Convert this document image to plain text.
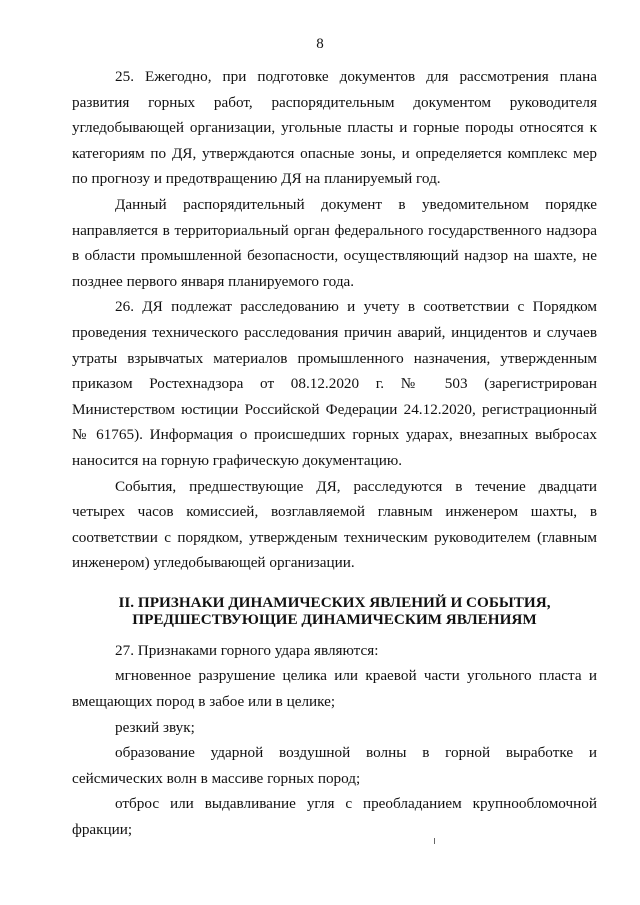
8

25. Ежегодно, при подготовке документов для рассмотрения плана развития горных работ, распорядительным документом руководителя угледобывающей организации, угольные пласты и горные породы относятся к категориям по ДЯ, утверждаются опасные зоны, и определяется комплекс мер по прогнозу и предотвращению ДЯ на планируемый год.

Данный распорядительный документ в уведомительном порядке направляется в территориальный орган федерального государственного надзора в области промышленной безопасности, осуществляющий надзор на шахте, не позднее первого января планируемого года.

26. ДЯ подлежат расследованию и учету в соответствии с Порядком проведения технического расследования причин аварий, инцидентов и случаев утраты взрывчатых материалов промышленного назначения, утвержденным приказом Ростехнадзора от 08.12.2020 г. № 503 (зарегистрирован Министерством юстиции Российской Федерации 24.12.2020, регистрационный № 61765). Информация о происшедших горных ударах, внезапных выбросах наносится на горную графическую документацию.

События, предшествующие ДЯ, расследуются в течение двадцати четырех часов комиссией, возглавляемой главным инженером шахты, в соответствии с порядком, утвержденым техническим руководителем (главным инженером) угледобывающей организации.

II. ПРИЗНАКИ ДИНАМИЧЕСКИХ ЯВЛЕНИЙ И СОБЫТИЯ,
ПРЕДШЕСТВУЮЩИЕ ДИНАМИЧЕСКИМ ЯВЛЕНИЯМ

27. Признаками горного удара являются:

мгновенное разрушение целика или краевой части угольного пласта и вмещающих пород в забое или в целике;

резкий звук;

образование ударной воздушной волны в горной выработке и сейсмических волн в массиве горных пород;

отброс или выдавливание угля с преобладанием крупнообломочной фракции;
